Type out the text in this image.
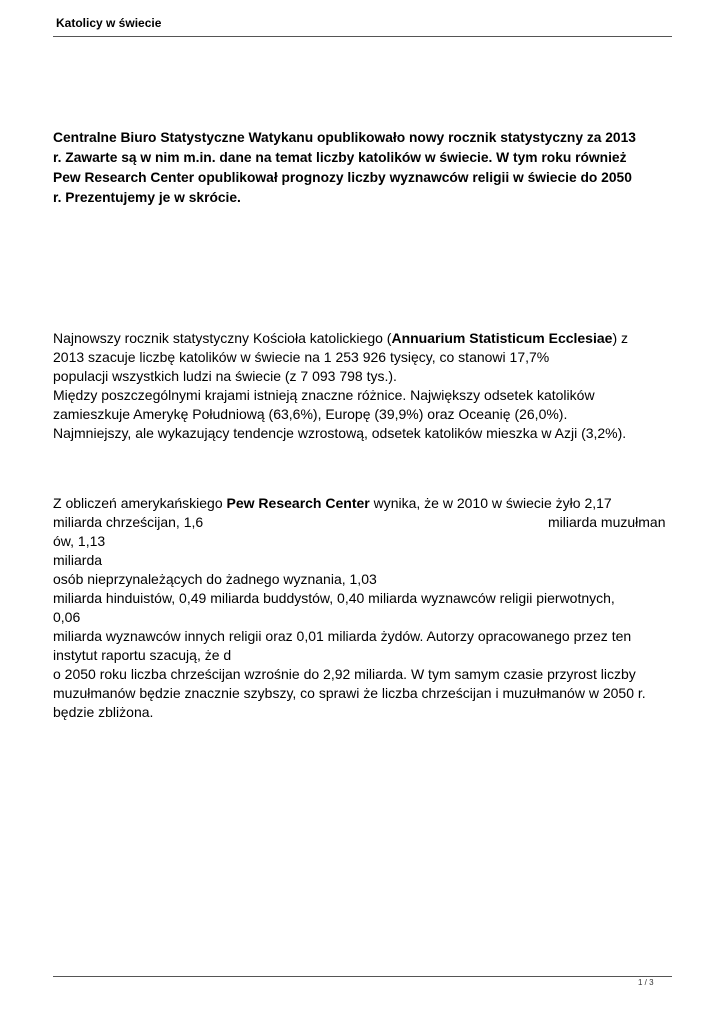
Katolicy w świecie
Centralne Biuro Statystyczne Watykanu opublikowało nowy rocznik statystyczny za 2013
r. Zawarte są w nim m.in. dane na temat liczby katolików w świecie. W tym roku również
Pew Research Center opublikował prognozy liczby wyznawców religii w świecie do 2050
r. Prezentujemy je w skrócie.
Najnowszy rocznik statystyczny Kościoła katolickiego (Annuarium Statisticum Ecclesiae) z
2013 szacuje liczbę katolików w świecie na 1 253 926 tysięcy, co stanowi 17,7%
populacji wszystkich ludzi na świecie (z 7 093 798 tys.).
Między poszczególnymi krajami istnieją znaczne różnice. Największy odsetek katolików
zamieszkuje Amerykę Południową (63,6%), Europę (39,9%) oraz Oceanię (26,0%).
Najmniejszy, ale wykazujący tendencje wzrostową, odsetek katolików mieszka w Azji (3,2%).
Z obliczeń amerykańskiego Pew Research Center wynika, że w 2010 w świecie żyło 2,17
miliarda chrześcijan, 1,6	miliarda muzułman
ów, 1,13
miliarda
osób nieprzynależących do żadnego wyznania, 1,03
miliarda hinduistów, 0,49 miliarda buddystów, 0,40 miliarda wyznawców religii pierwotnych,
0,06
miliarda wyznawców innych religii oraz 0,01 miliarda żydów. Autorzy opracowanego przez ten
instytut raportu szacują, że d
o 2050 roku liczba chrześcijan wzrośnie do 2,92 miliarda. W tym samym czasie przyrost liczby
muzułmanów będzie znacznie szybszy, co sprawi że liczba chrześcijan i muzułmanów w 2050 r.
będzie zbliżona.
1 / 3
